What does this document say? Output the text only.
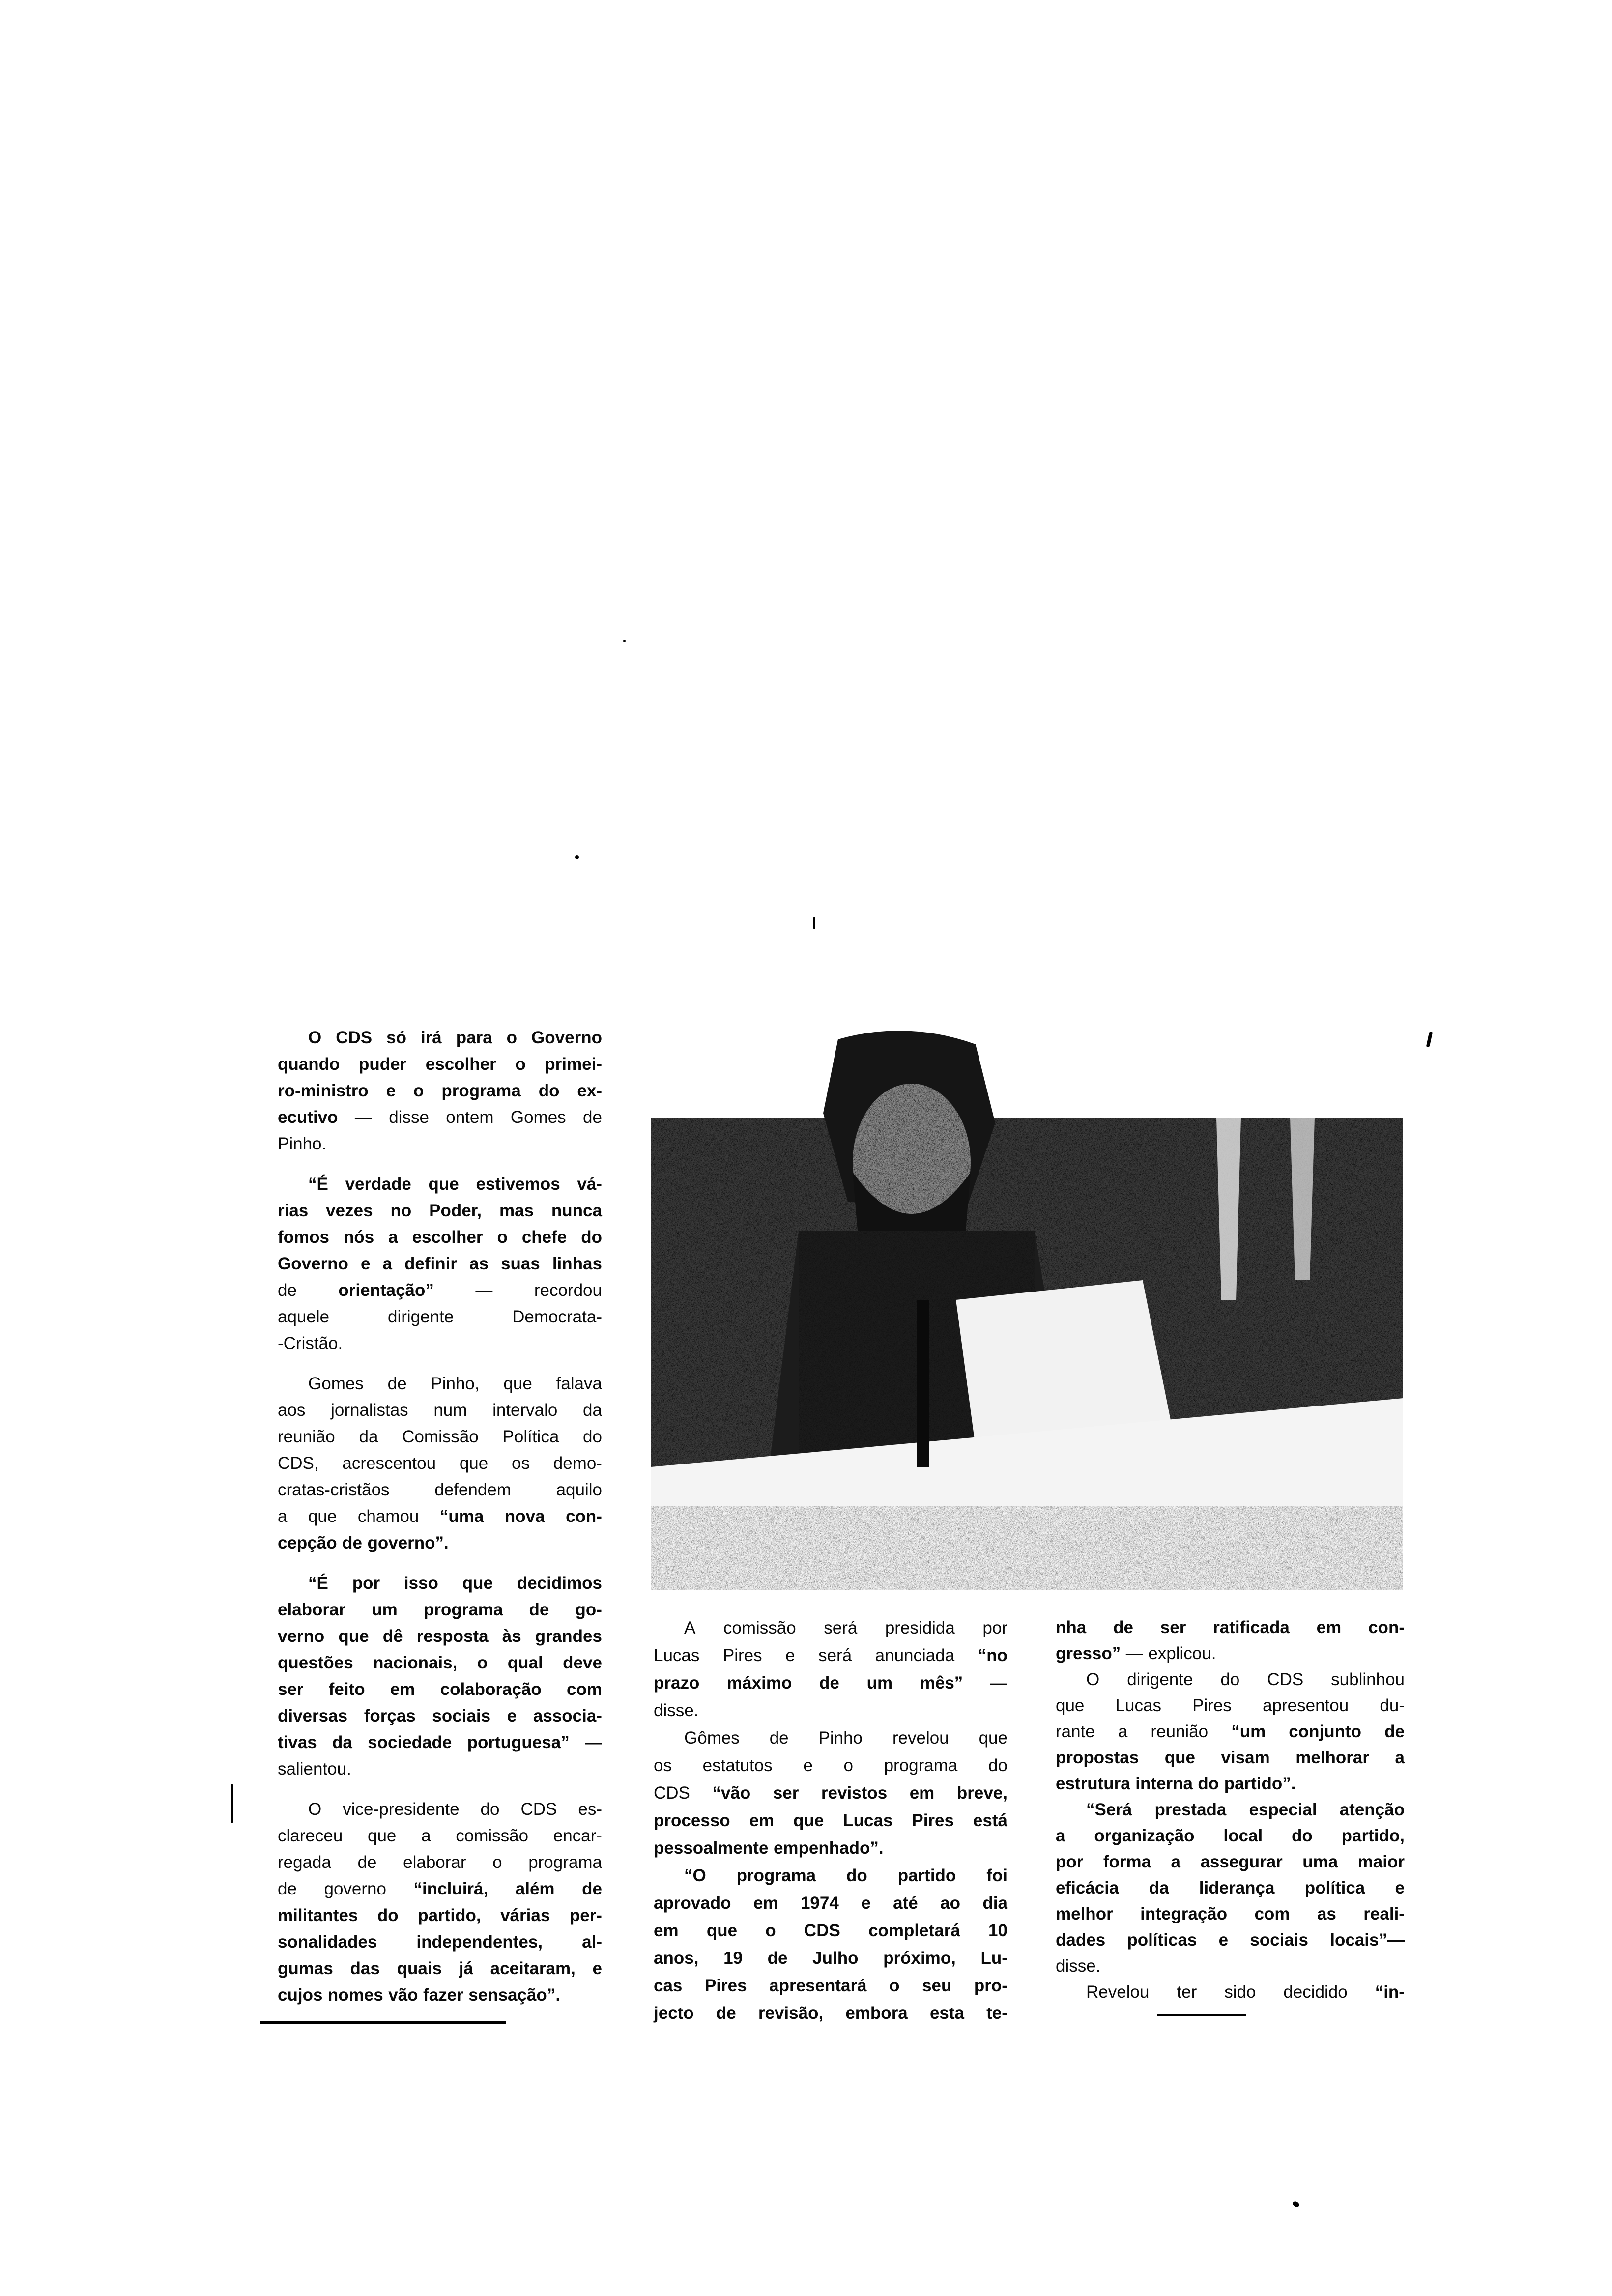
O CDS só irá para o Governo
quando puder escolher o primei-
ro-ministro e o programa do ex-
ecutivo — disse ontem Gomes de
Pinho.
“É verdade que estivemos vá-
rias vezes no Poder, mas nunca
fomos nós a escolher o chefe do
Governo e a definir as suas linhas
de orientação” — recordou
aquele	dirigente	Democrata-
-Cristão.
Gomes de Pinho, que falava
aos jornalistas num intervalo da
reunião da Comissão Política do
CDS, acrescentou que os demo-
cratas-cristãos	defendem	aquilo
a que chamou “uma nova con-
cepção de governo”.
“É por isso que decidimos
elaborar um programa de go-
verno que dê resposta às grandes
questões nacionais, o qual deve
ser feito em colaboração com
diversas forças sociais e associa-
tivas da sociedade portuguesa” —
salientou.
O vice-presidente do CDS es-
clareceu que a comissão encar-
regada de elaborar o programa
de governo “incluirá, além de
militantes do partido, várias per-
sonalidades independentes, al-
gumas das quais já aceitaram, e
cujos nomes vão fazer sensação”.
A comissão será presidida por
Lucas Pires e será anunciada “no
prazo máximo de um mês” —
disse.
Gômes de Pinho revelou que
os estatutos e o programa do
CDS “vão ser revistos em breve,
processo em que Lucas Pires está
pessoalmente empenhado”.
“O programa do partido foi
aprovado em 1974 e até ao dia
em que o CDS completará 10
anos, 19 de Julho próximo, Lu-
cas Pires apresentará o seu pro-
jecto de revisão, embora esta te-
nha de ser ratificada em con-
gresso” — explicou.
O dirigente do CDS sublinhou
que Lucas Pires apresentou du-
rante a reunião “um conjunto de
propostas que visam melhorar a
estrutura interna do partido”.
“Será prestada especial atenção
a organização local do partido,
por forma a assegurar uma maior
eficácia da liderança política e
melhor integração com as reali-
dades políticas e sociais locais”—
disse.
Revelou ter sido decidido “in-
